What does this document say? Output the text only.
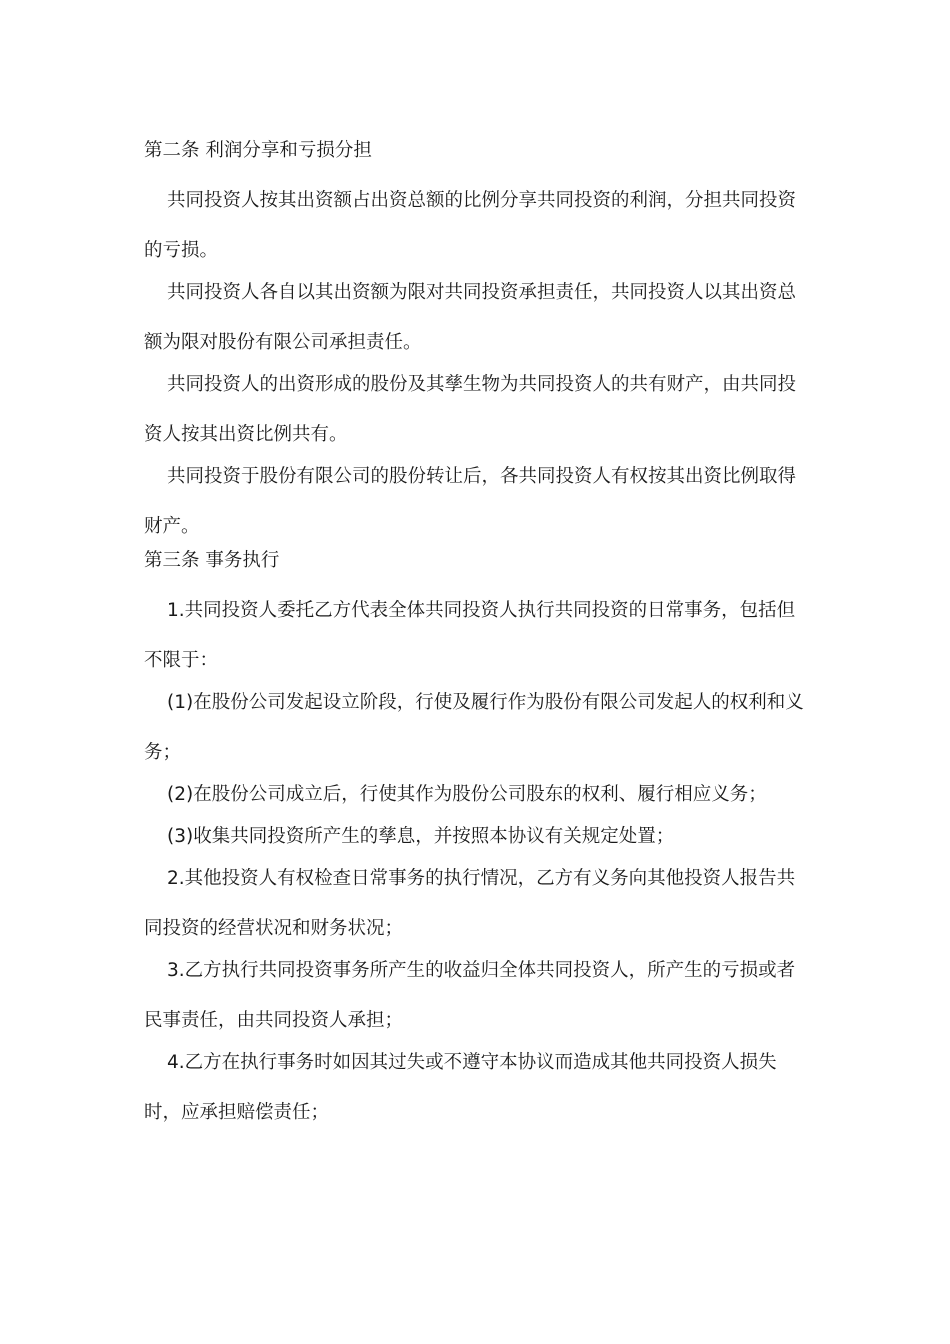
第二条 利润分享和亏损分担

共同投资人按其出资额占出资总额的比例分享共同投资的利润，分担共同投资的亏损。

共同投资人各自以其出资额为限对共同投资承担责任，共同投资人以其出资总额为限对股份有限公司承担责任。

共同投资人的出资形成的股份及其孳生物为共同投资人的共有财产，由共同投资人按其出资比例共有。

共同投资于股份有限公司的股份转让后，各共同投资人有权按其出资比例取得财产。

第三条 事务执行

1.共同投资人委托乙方代表全体共同投资人执行共同投资的日常事务，包括但不限于：

(1)在股份公司发起设立阶段，行使及履行作为股份有限公司发起人的权利和义务；

(2)在股份公司成立后，行使其作为股份公司股东的权利、履行相应义务；

(3)收集共同投资所产生的孳息，并按照本协议有关规定处置；

2.其他投资人有权检查日常事务的执行情况，乙方有义务向其他投资人报告共同投资的经营状况和财务状况；

3.乙方执行共同投资事务所产生的收益归全体共同投资人，所产生的亏损或者民事责任，由共同投资人承担；

4.乙方在执行事务时如因其过失或不遵守本协议而造成其他共同投资人损失时，应承担赔偿责任；
